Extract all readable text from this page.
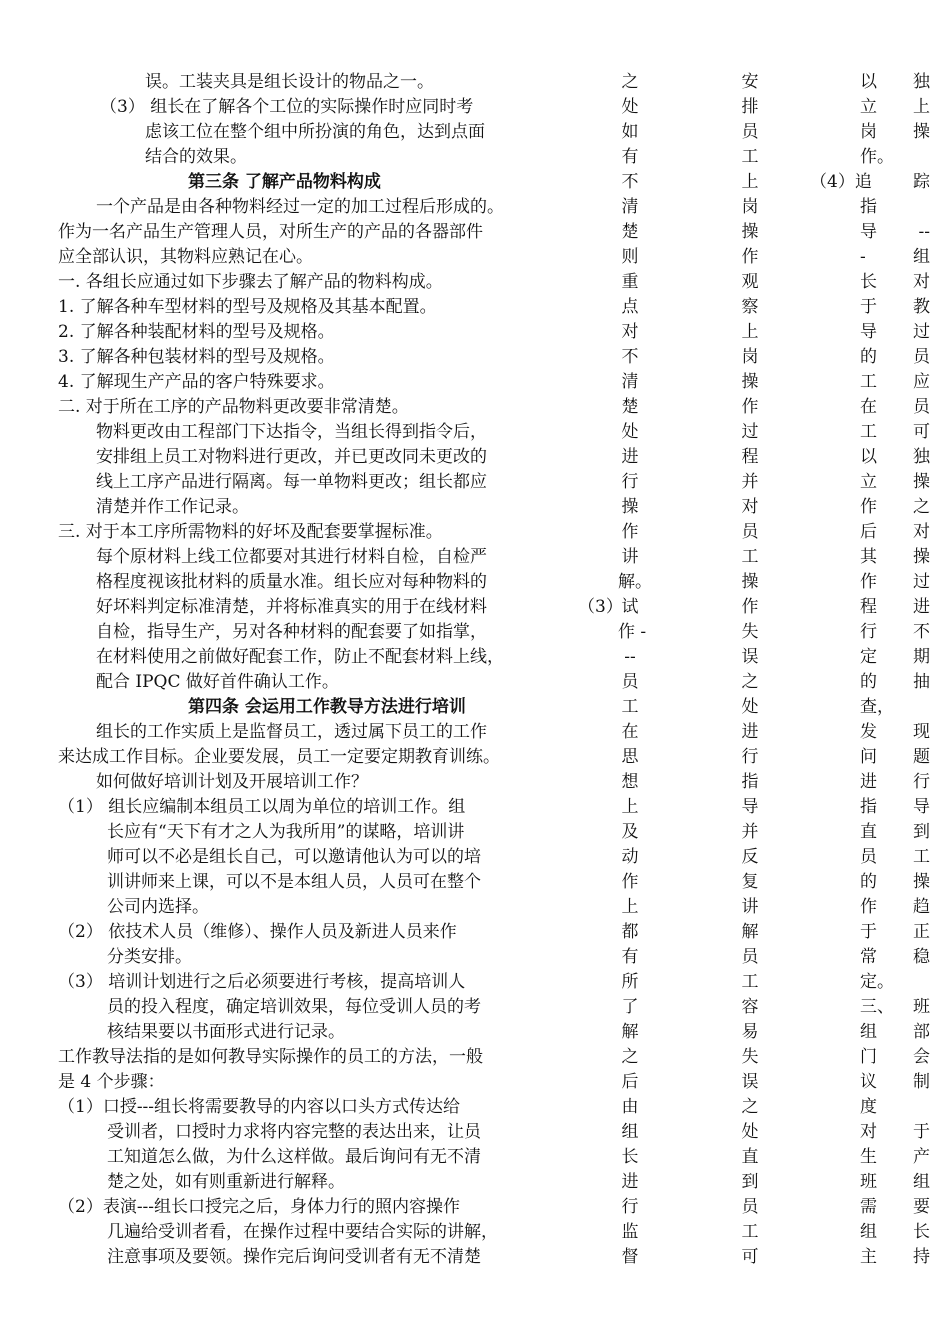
误。工装夹具是组长设计的物品之一。
（3） 组长在了解各个工位的实际操作时应同时考
虑该工位在整个组中所扮演的角色，达到点面
结合的效果。
第三条 了解产品物料构成
一个产品是由各种物料经过一定的加工过程后形成的。
作为一名产品生产管理人员，对所生产的产品的各器部件
应全部认识，其物料应熟记在心。
一. 各组长应通过如下步骤去了解产品的物料构成。
1. 了解各种车型材料的型号及规格及其基本配置。
2. 了解各种装配材料的型号及规格。
3. 了解各种包装材料的型号及规格。
4. 了解现生产产品的客户特殊要求。
二. 对于所在工序的产品物料更改要非常清楚。
物料更改由工程部门下达指令，当组长得到指令后，
安排组上员工对物料进行更改，并已更改同未更改的
线上工序产品进行隔离。每一单物料更改；组长都应
清楚并作工作记录。
三. 对于本工序所需物料的好坏及配套要掌握标准。
每个原材料上线工位都要对其进行材料自检，自检严
格程度视该批材料的质量水准。组长应对每种物料的
好坏料判定标准清楚，并将标准真实的用于在线材料
自检，指导生产，另对各种材料的配套要了如指掌，
在材料使用之前做好配套工作，防止不配套材料上线，
配合 IPQC 做好首件确认工作。
第四条 会运用工作教导方法进行培训
组长的工作实质上是监督员工，透过属下员工的工作
来达成工作目标。企业要发展，员工一定要定期教育训练。
如何做好培训计划及开展培训工作？
（1） 组长应编制本组员工以周为单位的培训工作。组
长应有“天下有才之人为我所用”的谋略，培训讲
师可以不必是组长自己，可以邀请他认为可以的培
训讲师来上课，可以不是本组人员，人员可在整个
公司内选择。
（2） 依技术人员（维修）、操作人员及新进人员来作
分类安排。
（3） 培训计划进行之后必须要进行考核，提高培训人
员的投入程度，确定培训效果，每位受训人员的考
核结果要以书面形式进行记录。
工作教导法指的是如何教导实际操作的员工的方法，一般
是 4 个步骤：
（1）口授---组长将需要教导的内容以口头方式传达给
受训者，口授时力求将内容完整的表达出来，让员
工知道怎么做，为什么这样做。最后询问有无不清
楚之处，如有则重新进行解释。
（2）表演---组长口授完之后，身体力行的照内容操作
几遍给受训者看，在操作过程中要结合实际的讲解，
注意事项及要领。操作完后询问受训者有无不清楚
之
处
如
有
不
清
楚
则
重
点
对
不
清
楚
处
进
行
操
作
讲
解。
试
作 -
--
员
工
在
思
想
上
及
动
作
上
都
有
所
了
解
之
后
由
组
长
进
行
监
督
安
排
员
工
上
岗
操
作
观
察
上
岗
操
作
过
程
并
对
员
工
操
作
失
误
之
处
进
行
指
导
并
反
复
讲
解
员
工
容
易
失
误
之
处
直
到
员
工
可
以 独
立 上
岗 操
作。
（4）追 踪
指
导 --
-	组
长 对
于 教
导 过
的 员
工 应
在 员
工 可
以 独
立 操
作 之
后 对
其 操
作 过
程 进
行 不
定 期
的 抽
查，
发 现
问 题
进 行
指 导
直 到
员 工
的 操
作 趋
于 正
常 稳
定。
三、 班
组 部
门 会
议 制
度
对 于
生 产
班 组
需 要
组 长
主 持
（3）
